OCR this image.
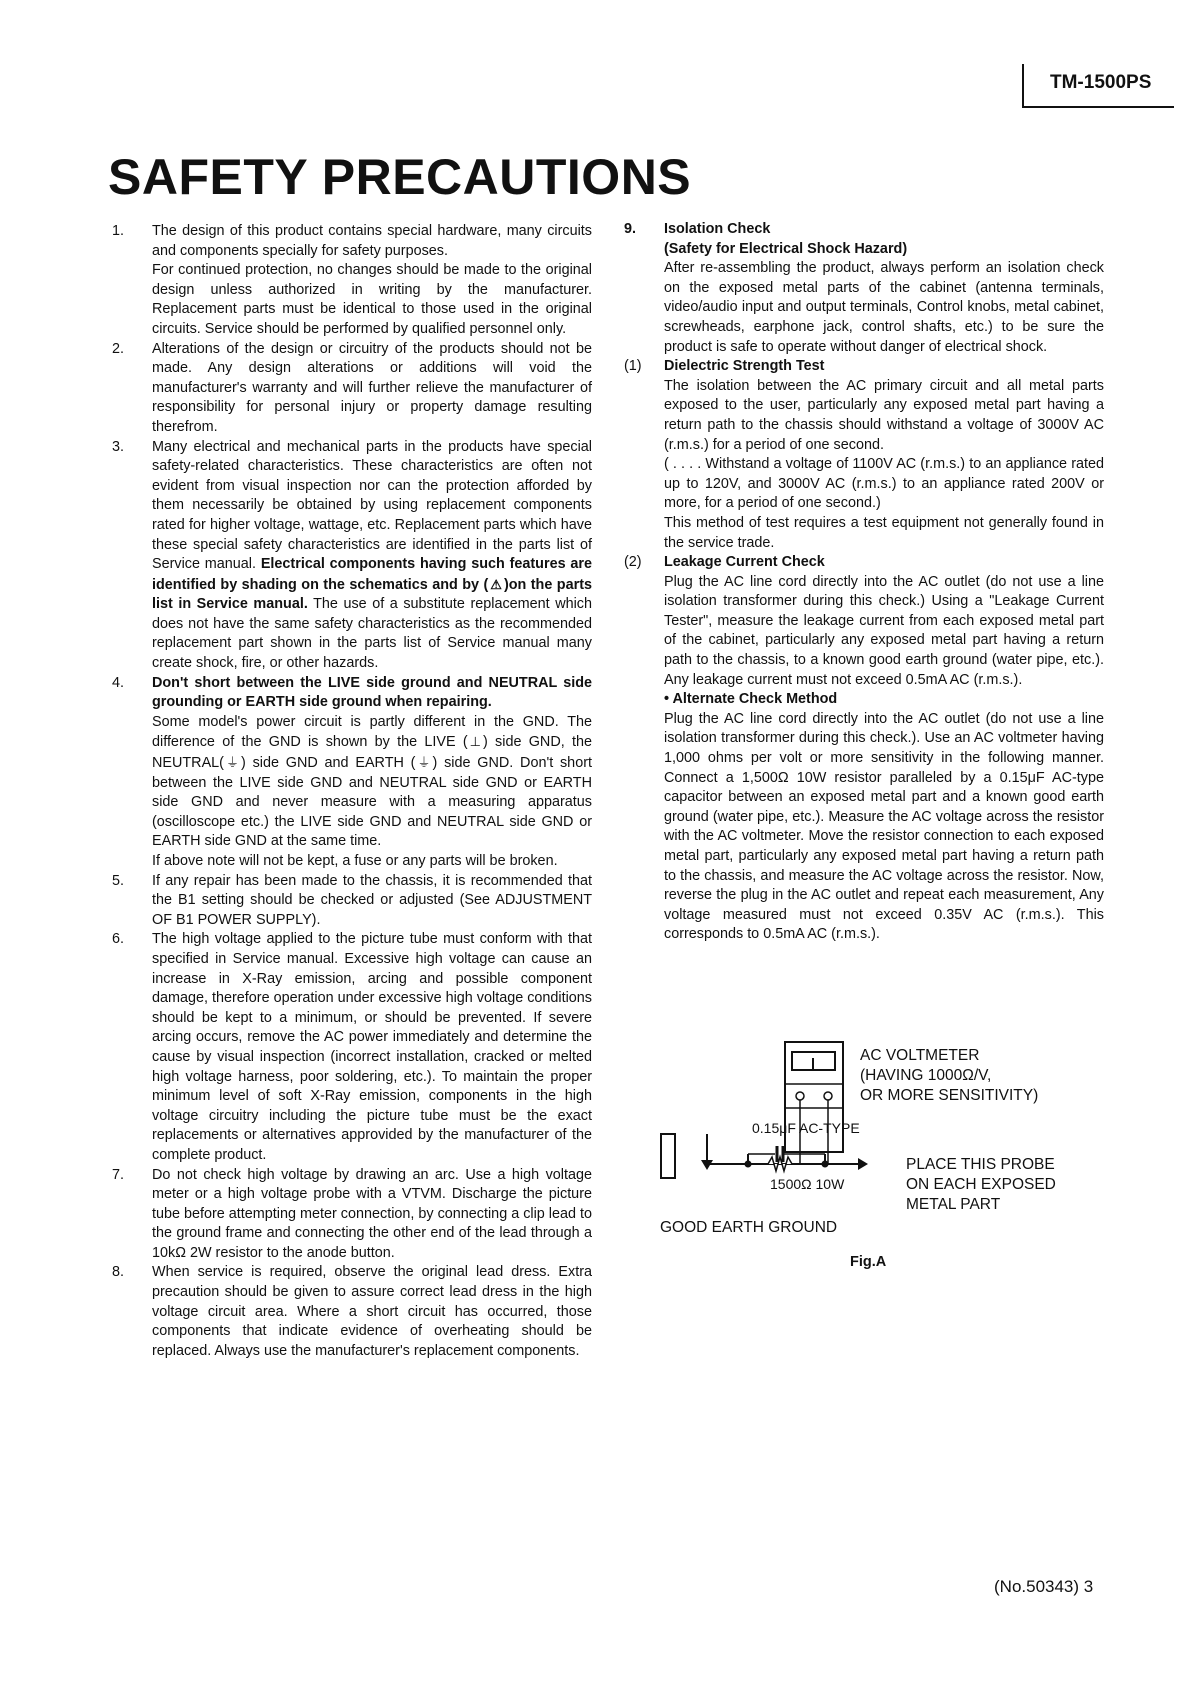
TM-1500PS
SAFETY PRECAUTIONS
1. The design of this product contains special hardware, many circuits and components specially for safety purposes.
For continued protection, no changes should be made to the original design unless authorized in writing by the manufacturer. Replacement parts must be identical to those used in the original circuits. Service should be performed by qualified personnel only.
2. Alterations of the design or circuitry of the products should not be made. Any design alterations or additions will void the manufacturer's warranty and will further relieve the manufacturer of responsibility for personal injury or property damage resulting therefrom.
3. Many electrical and mechanical parts in the products have special safety-related characteristics. These characteristics are often not evident from visual inspection nor can the protection afforded by them necessarily be obtained by using replacement components rated for higher voltage, wattage, etc. Replacement parts which have these special safety characteristics are identified in the parts list of Service manual. Electrical components having such features are identified by shading on the schematics and by ( ⚠ )on the parts list in Service manual. The use of a substitute replacement which does not have the same safety characteristics as the recommended replacement part shown in the parts list of Service manual many create shock, fire, or other hazards.
4. Don't short between the LIVE side ground and NEUTRAL side grounding or EARTH side ground when repairing.
Some model's power circuit is partly different in the GND. The difference of the GND is shown by the LIVE ( ⊥ ) side GND, the NEUTRAL( ⏚ ) side GND and EARTH ( ⏚ ) side GND. Don't short between the LIVE side GND and NEUTRAL side GND or EARTH side GND and never measure with a measuring apparatus (oscilloscope etc.) the LIVE side GND and NEUTRAL side GND or EARTH side GND at the same time.
If above note will not be kept, a fuse or any parts will be broken.
5. If any repair has been made to the chassis, it is recommended that the B1 setting should be checked or adjusted (See ADJUSTMENT OF B1 POWER SUPPLY).
6. The high voltage applied to the picture tube must conform with that specified in Service manual. Excessive high voltage can cause an increase in X-Ray emission, arcing and possible component damage, therefore operation under excessive high voltage conditions should be kept to a minimum, or should be prevented. If severe arcing occurs, remove the AC power immediately and determine the cause by visual inspection (incorrect installation, cracked or melted high voltage harness, poor soldering, etc.). To maintain the proper minimum level of soft X-Ray emission, components in the high voltage circuitry including the picture tube must be the exact replacements or alternatives approvided by the manufacturer of the complete product.
7. Do not check high voltage by drawing an arc. Use a high voltage meter or a high voltage probe with a VTVM. Discharge the picture tube before attempting meter connection, by connecting a clip lead to the ground frame and connecting the other end of the lead through a 10kΩ 2W resistor to the anode button.
8. When service is required, observe the original lead dress. Extra precaution should be given to assure correct lead dress in the high voltage circuit area. Where a short circuit has occurred, those components that indicate evidence of overheating should be replaced. Always use the manufacturer's replacement components.
9. Isolation Check
(Safety for Electrical Shock Hazard)
After re-assembling the product, always perform an isolation check on the exposed metal parts of the cabinet (antenna terminals, video/audio input and output terminals, Control knobs, metal cabinet, screwheads, earphone jack, control shafts, etc.) to be sure the product is safe to operate without danger of electrical shock.
(1) Dielectric Strength Test
The isolation between the AC primary circuit and all metal parts exposed to the user, particularly any exposed metal part having a return path to the chassis should withstand a voltage of 3000V AC (r.m.s.) for a period of one second.
( . . . . Withstand a voltage of 1100V AC (r.m.s.) to an appliance rated up to 120V, and 3000V AC (r.m.s.) to an appliance rated 200V or more, for a period of one second.)
This method of test requires a test equipment not generally found in the service trade.
(2) Leakage Current Check
Plug the AC line cord directly into the AC outlet (do not use a line isolation transformer during this check.) Using a "Leakage Current Tester", measure the leakage current from each exposed metal part of the cabinet, particularly any exposed metal part having a return path to the chassis, to a known good earth ground (water pipe, etc.). Any leakage current must not exceed 0.5mA AC (r.m.s.).
• Alternate Check Method
Plug the AC line cord directly into the AC outlet (do not use a line isolation transformer during this check.). Use an AC voltmeter having 1,000 ohms per volt or more sensitivity in the following manner. Connect a 1,500Ω 10W resistor paralleled by a 0.15μF AC-type capacitor between an exposed metal part and a known good earth ground (water pipe, etc.). Measure the AC voltage across the resistor with the AC voltmeter. Move the resistor connection to each exposed metal part, particularly any exposed metal part having a return path to the chassis, and measure the AC voltage across the resistor. Now, reverse the plug in the AC outlet and repeat each measurement, Any voltage measured must not exceed 0.35V AC (r.m.s.). This corresponds to 0.5mA AC (r.m.s.).
AC VOLTMETER
(HAVING 1000Ω/V,
OR MORE SENSITIVITY)
0.15μF AC-TYPE
1500Ω 10W
PLACE THIS PROBE
ON EACH EXPOSED
METAL PART
GOOD EARTH GROUND
Fig.A
(No.50343) 3
